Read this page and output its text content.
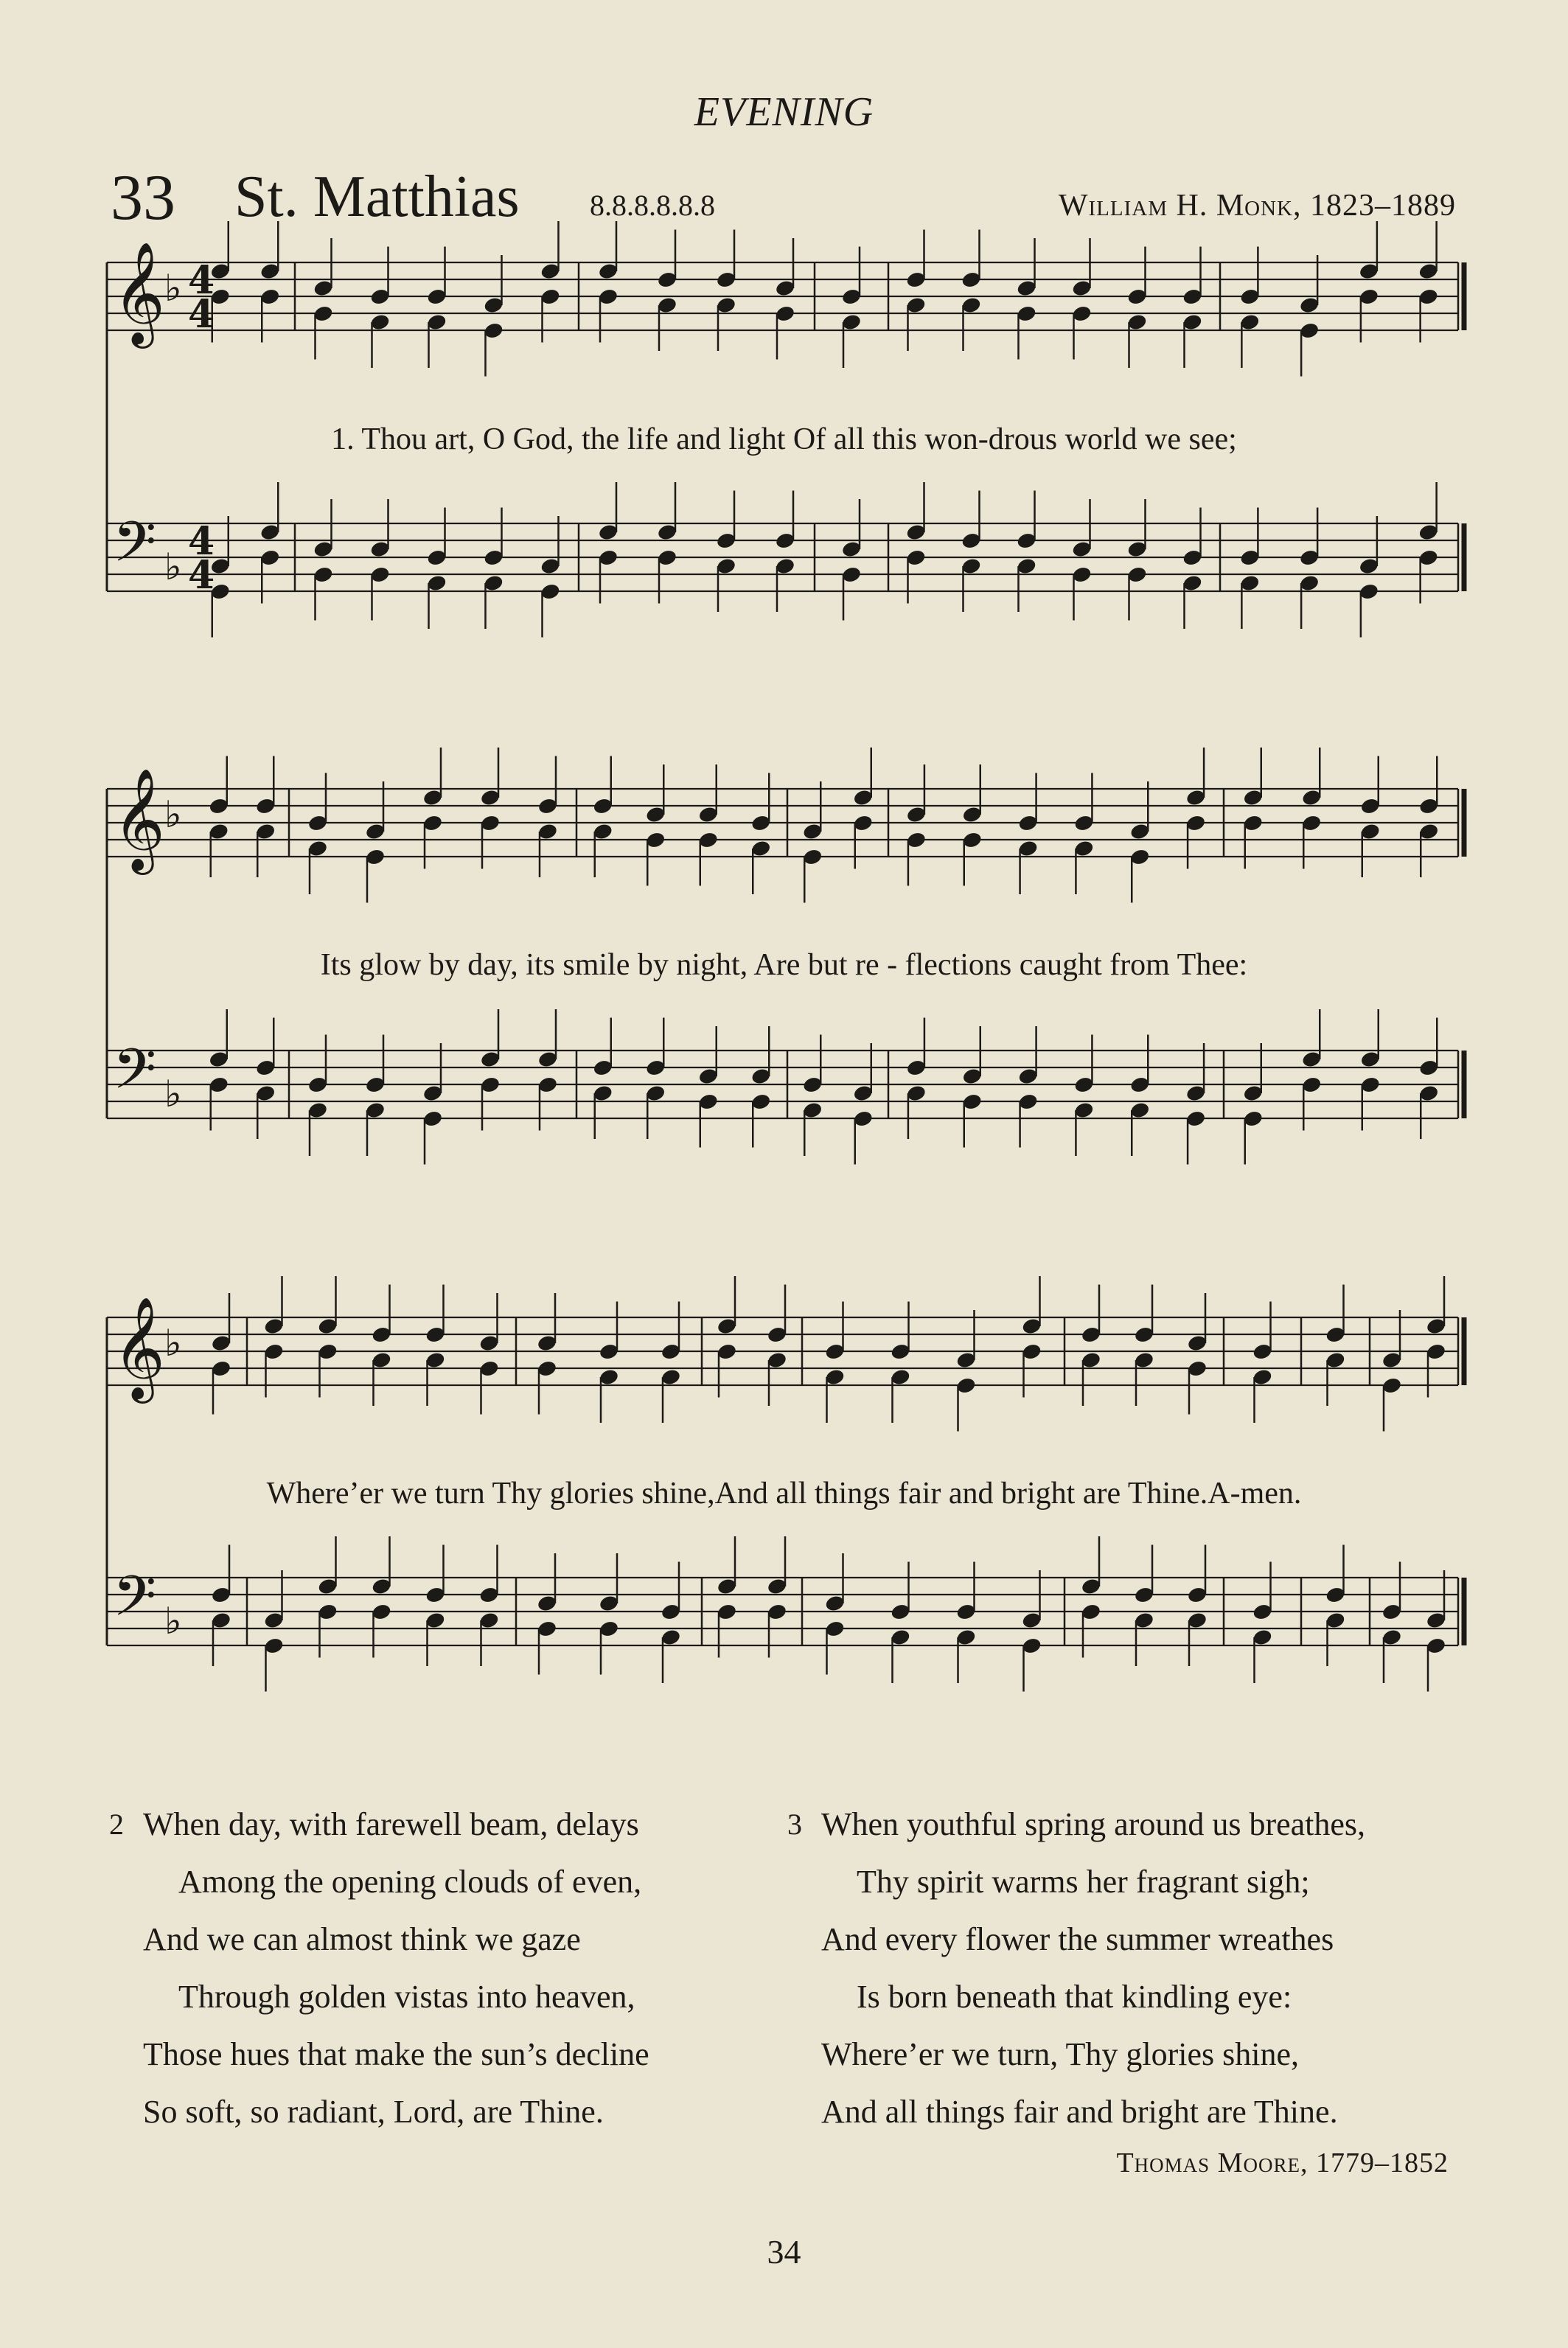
EVENING
33 St. Matthias 8.8.8.8.8.8	William H. Monk, 1823–1889
𝄞 ♭
𝄢 ♭
𝄞 ♭
𝄢 ♭
𝄞 ♭
𝄢 ♭
4
4
4
4
1. Thou art, O God, the life and light Of all this won-drous world we see;
Its glow by day, its smile by night, Are but re - flections caught from Thee:
Where’er we turn Thy glories shine,And all things fair and bright are Thine.A-men.
2 When day, with farewell beam, delays
Among the opening clouds of even,
And we can almost think we gaze
Through golden vistas into heaven,
Those hues that make the sun’s decline
So soft, so radiant, Lord, are Thine.
3 When youthful spring around us breathes,
Thy spirit warms her fragrant sigh;
And every flower the summer wreathes
Is born beneath that kindling eye:
Where’er we turn, Thy glories shine,
And all things fair and bright are Thine.
Thomas Moore, 1779–1852
34
